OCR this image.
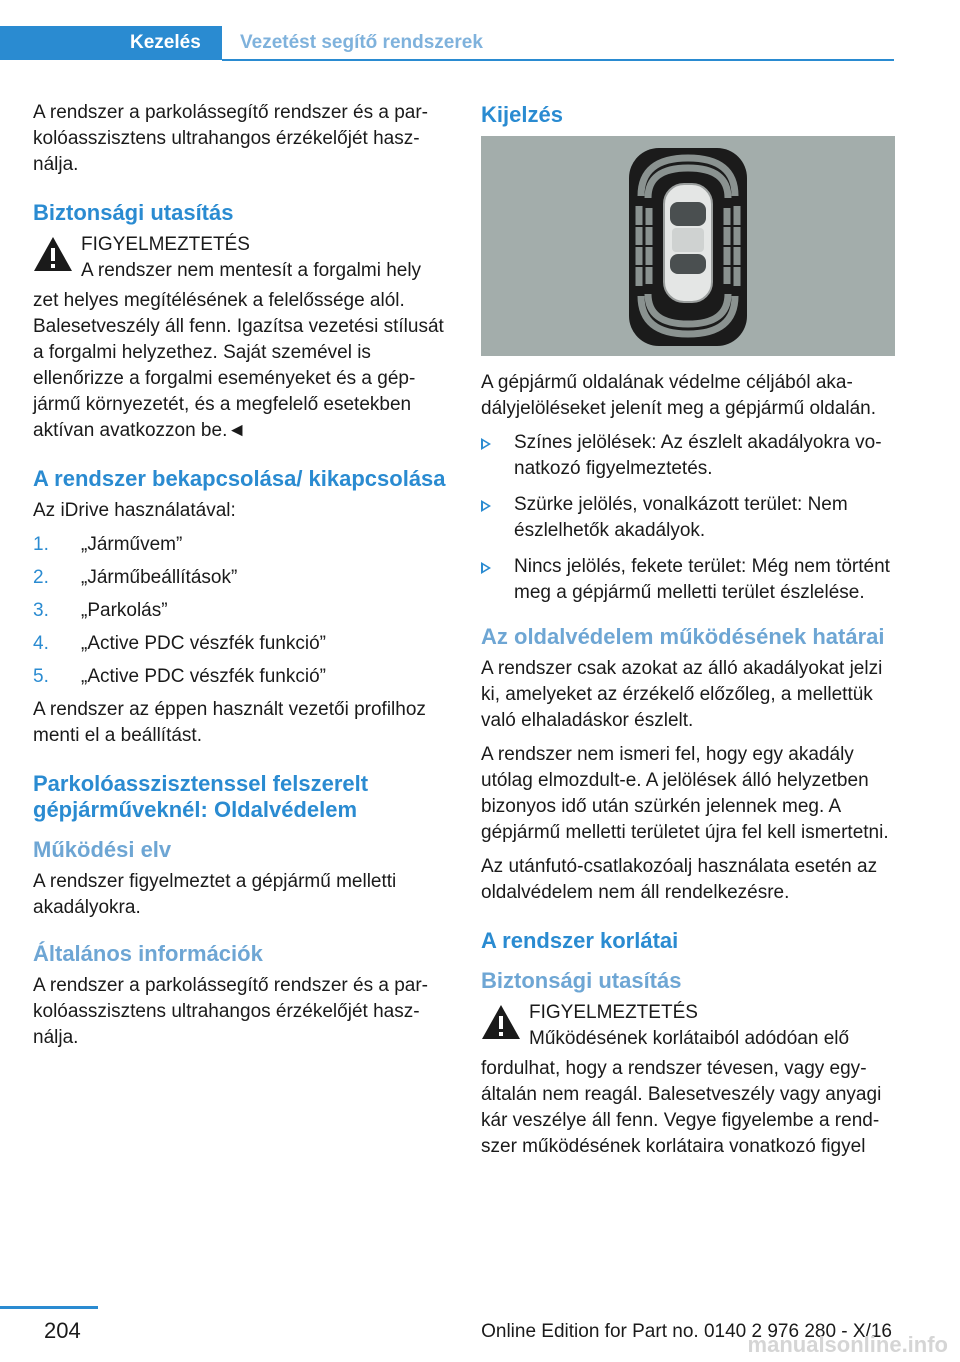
Kezelés	Vezetést segítő rendszerek

A rendszer a parkolássegítő rendszer és a parkolóasszisztens ultrahangos érzékelőjét használja.

Biztonsági utasítás
FIGYELMEZTETÉS
A rendszer nem mentesít a forgalmi hely
zet helyes megítélésének a felelőssége alól. Balesetveszély áll fenn. Igazítsa vezetési stílusát a forgalmi helyzethez. Saját szemével is ellenőrizze a forgalmi eseményeket és a gépjármű környezetét, és a megfelelő esetekben aktívan avatkozzon be.◄
A rendszer bekapcsolása/ kikapcsolása

Az iDrive használatával:

1. „Járművem”
2. „Járműbeállítások”
3. „Parkolás”
4. „Active PDC vészfék funkció”
5. „Active PDC vészfék funkció”

A rendszer az éppen használt vezetői profilhoz menti el a beállítást.

Parkolóasszisztenssel felszerelt gépjárműveknél: Oldalvédelem
Működési elv

A rendszer figyelmeztet a gépjármű melletti akadályokra.

Általános információk

A rendszer a parkolássegítő rendszer és a parkolóasszisztens ultrahangos érzékelőjét használja.

Kijelzés

A gépjármű oldalának védelme céljából akadályjelöléseket jelenít meg a gépjármű oldalán.

Színes jelölések: Az észlelt akadályokra vonatkozó figyelmeztetés.
Szürke jelölés, vonalkázott terület: Nem észlelhetők akadályok.
Nincs jelölés, fekete terület: Még nem történt meg a gépjármű melletti terület észlelése.
Az oldalvédelem működésének határai

A rendszer csak azokat az álló akadályokat jelzi ki, amelyeket az érzékelő előzőleg, a mellettük való elhaladáskor észlelt.

A rendszer nem ismeri fel, hogy egy akadály utólag elmozdult-e. A jelölések álló helyzetben bizonyos idő után szürkén jelennek meg. A gépjármű melletti területet újra fel kell ismertetni.

Az utánfutó-csatlakozóalj használata esetén az oldalvédelem nem áll rendelkezésre.

A rendszer korlátai
Biztonsági utasítás
FIGYELMEZTETÉS
Működésének korlátaiból adódóan elő
fordulhat, hogy a rendszer tévesen, vagy egyáltalán nem reagál. Balesetveszély vagy anyagi kár veszélye áll fenn. Vegye figyelembe a rendszer működésének korlátaira vonatkozó figyel
204	Online Edition for Part no. 0140 2 976 280 - X/16
manualsonline.info
